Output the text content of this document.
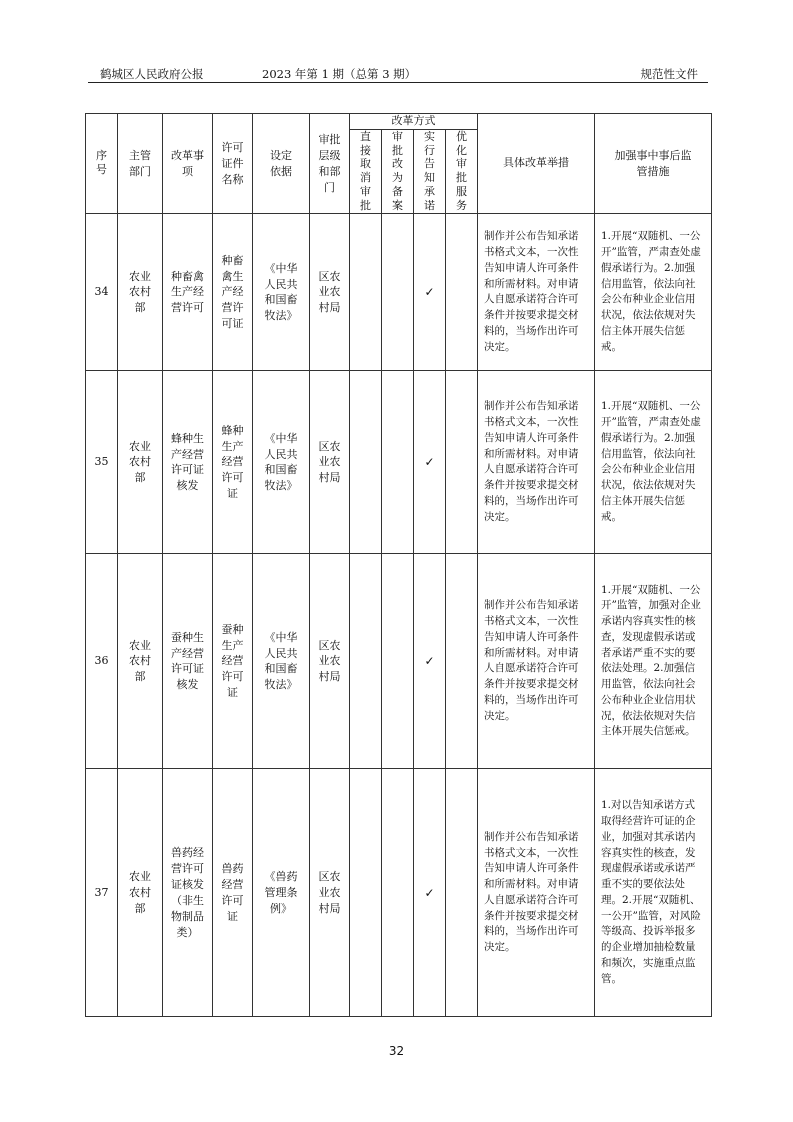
鹤城区人民政府公报	2023 年第 1 期（总第 3 期）	规范性文件
序号	主管部门	改革事项	许可证件名称	设定依据	审批层级和部门	改革方式				具体改革举措	加强事中事后监管措施
						直接取消审批	审批改为备案	实行告知承诺	优化审批服务		
34	农业农村部	种畜禽生产经营许可	种畜禽生产经营许可证	《中华人民共和国畜牧法》	区农业农村局			✓		制作并公布告知承诺书格式文本，一次性告知申请人许可条件和所需材料。对申请人自愿承诺符合许可条件并按要求提交材料的，当场作出许可决定。	1.开展“双随机、一公开”监管，严肃查处虚假承诺行为。2.加强信用监管，依法向社会公布种业企业信用状况，依法依规对失信主体开展失信惩戒。
35	农业农村部	蜂种生产经营许可证核发	蜂种生产经营许可证	《中华人民共和国畜牧法》	区农业农村局			✓		制作并公布告知承诺书格式文本，一次性告知申请人许可条件和所需材料。对申请人自愿承诺符合许可条件并按要求提交材料的，当场作出许可决定。	1.开展“双随机、一公开”监管，严肃查处虚假承诺行为。2.加强信用监管，依法向社会公布种业企业信用状况，依法依规对失信主体开展失信惩戒。
36	农业农村部	蚕种生产经营许可证核发	蚕种生产经营许可证	《中华人民共和国畜牧法》	区农业农村局			✓		制作并公布告知承诺书格式文本，一次性告知申请人许可条件和所需材料。对申请人自愿承诺符合许可条件并按要求提交材料的，当场作出许可决定。	1.开展“双随机、一公开”监管，加强对企业承诺内容真实性的核查，发现虚假承诺或者承诺严重不实的要依法处理。2.加强信用监管，依法向社会公布种业企业信用状况，依法依规对失信主体开展失信惩戒。
37	农业农村部	兽药经营许可证核发（非生物制品类）	兽药经营许可证	《兽药管理条例》	区农业农村局			✓		制作并公布告知承诺书格式文本，一次性告知申请人许可条件和所需材料。对申请人自愿承诺符合许可条件并按要求提交材料的，当场作出许可决定。	1.对以告知承诺方式取得经营许可证的企业，加强对其承诺内容真实性的核查，发现虚假承诺或承诺严重不实的要依法处理。2.开展“双随机、一公开”监管，对风险等级高、投诉举报多的企业增加抽检数量和频次，实施重点监管。
32
